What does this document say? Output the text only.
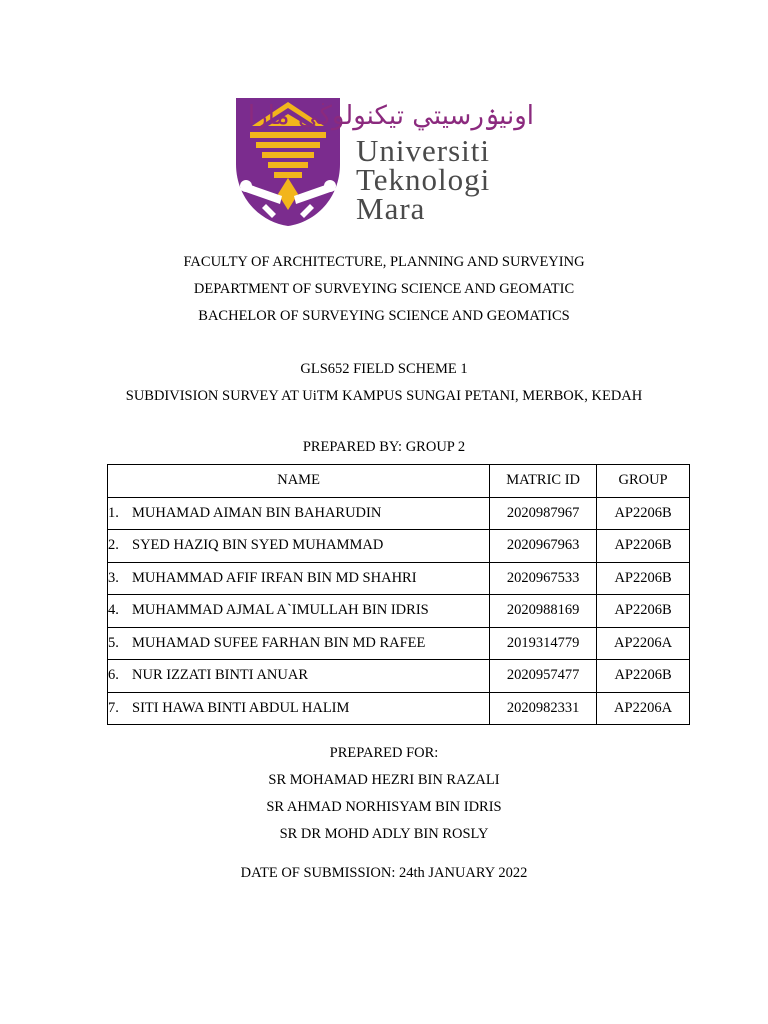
اونيۏرسيتي تيكنولوڬي مارا
Universiti
Teknologi
Mara
FACULTY OF ARCHITECTURE, PLANNING AND SURVEYING
DEPARTMENT OF SURVEYING SCIENCE AND GEOMATIC
BACHELOR OF SURVEYING SCIENCE AND GEOMATICS
GLS652 FIELD SCHEME 1
SUBDIVISION SURVEY AT UiTM KAMPUS SUNGAI PETANI, MERBOK, KEDAH
PREPARED BY: GROUP 2
NAME	MATRIC ID	GROUP
1. MUHAMAD AIMAN BIN BAHARUDIN	2020987967	AP2206B
2. SYED HAZIQ BIN SYED MUHAMMAD	2020967963	AP2206B
3. MUHAMMAD AFIF IRFAN BIN MD SHAHRI	2020967533	AP2206B
4. MUHAMMAD AJMAL A`IMULLAH BIN IDRIS	2020988169	AP2206B
5. MUHAMAD SUFEE FARHAN BIN MD RAFEE	2019314779	AP2206A
6. NUR IZZATI BINTI ANUAR	2020957477	AP2206B
7. SITI HAWA BINTI ABDUL HALIM	2020982331	AP2206A
PREPARED FOR:
SR MOHAMAD HEZRI BIN RAZALI
SR AHMAD NORHISYAM BIN IDRIS
SR DR MOHD ADLY BIN ROSLY
DATE OF SUBMISSION: 24th JANUARY 2022
